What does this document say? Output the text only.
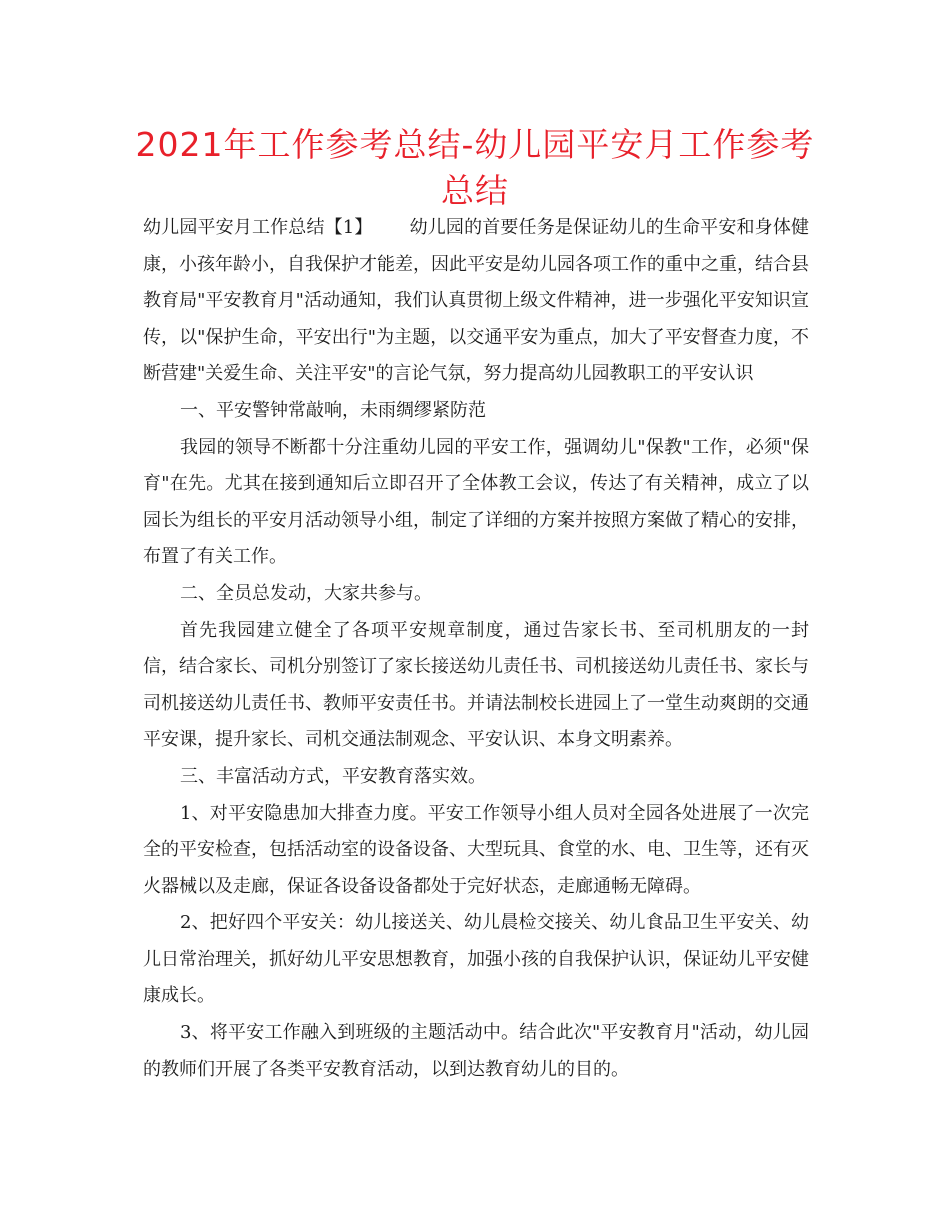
2021年工作参考总结-幼儿园平安月工作参考总结

幼儿园平安月工作总结【1】 幼儿园的首要任务是保证幼儿的生命平安和身体健康，小孩年龄小，自我保护才能差，因此平安是幼儿园各项工作的重中之重，结合县教育局"平安教育月"活动通知，我们认真贯彻上级文件精神，进一步强化平安知识宣传，以"保护生命，平安出行"为主题，以交通平安为重点，加大了平安督查力度，不断营建"关爱生命、关注平安"的言论气氛，努力提高幼儿园教职工的平安认识

一、平安警钟常敲响，未雨绸缪紧防范

我园的领导不断都十分注重幼儿园的平安工作，强调幼儿"保教"工作，必须"保育"在先。尤其在接到通知后立即召开了全体教工会议，传达了有关精神，成立了以园长为组长的平安月活动领导小组，制定了详细的方案并按照方案做了精心的安排，布置了有关工作。

二、全员总发动，大家共参与。

首先我园建立健全了各项平安规章制度，通过告家长书、至司机朋友的一封信，结合家长、司机分别签订了家长接送幼儿责任书、司机接送幼儿责任书、家长与司机接送幼儿责任书、教师平安责任书。并请法制校长进园上了一堂生动爽朗的交通平安课，提升家长、司机交通法制观念、平安认识、本身文明素养。

三、丰富活动方式，平安教育落实效。

1、对平安隐患加大排查力度。平安工作领导小组人员对全园各处进展了一次完全的平安检查，包括活动室的设备设备、大型玩具、食堂的水、电、卫生等，还有灭火器械以及走廊，保证各设备设备都处于完好状态，走廊通畅无障碍。

2、把好四个平安关：幼儿接送关、幼儿晨检交接关、幼儿食品卫生平安关、幼儿日常治理关，抓好幼儿平安思想教育，加强小孩的自我保护认识，保证幼儿平安健康成长。

3、将平安工作融入到班级的主题活动中。结合此次"平安教育月"活动，幼儿园的教师们开展了各类平安教育活动，以到达教育幼儿的目的。
